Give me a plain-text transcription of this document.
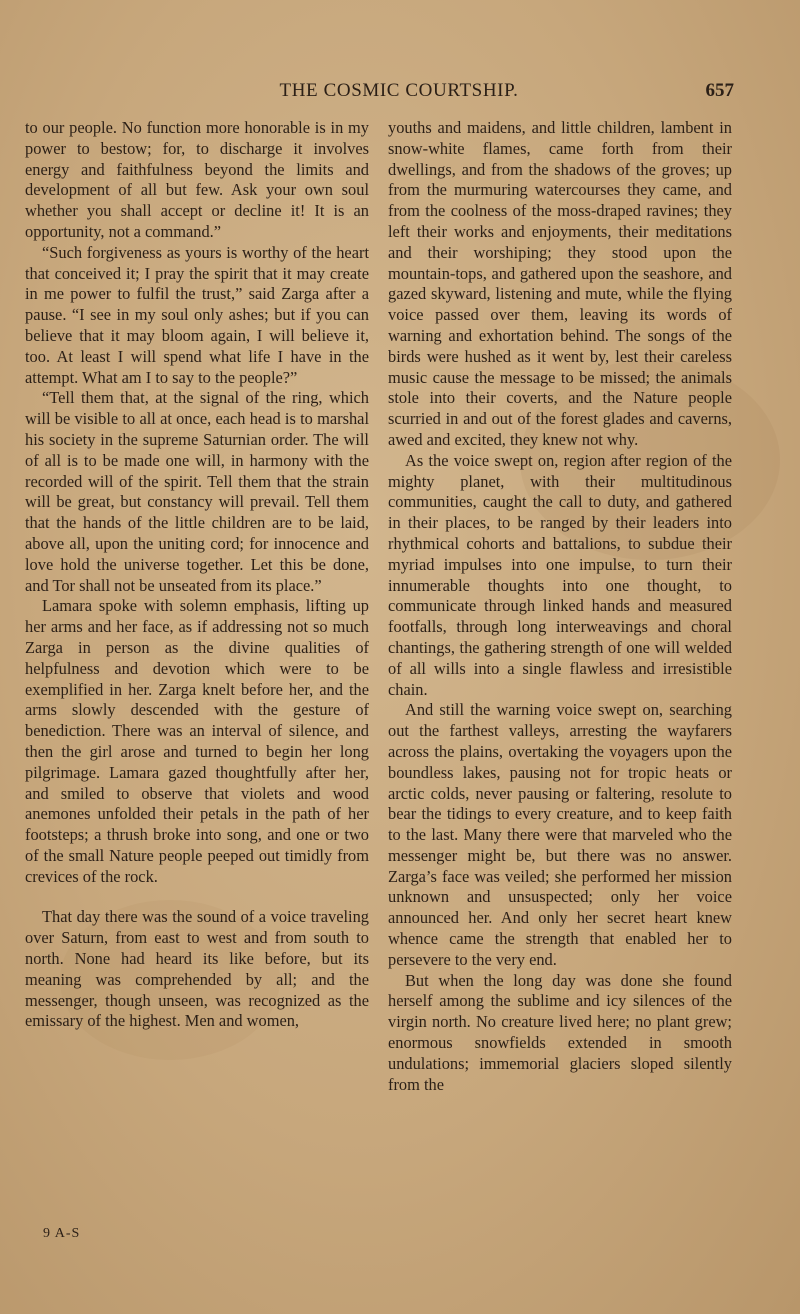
THE COSMIC COURTSHIP.	657

to our people. No function more honorable is in my power to bestow; for, to discharge it involves energy and faithfulness beyond the limits and development of all but few. Ask your own soul whether you shall accept or decline it! It is an opportunity, not a command.”

“Such forgiveness as yours is worthy of the heart that conceived it; I pray the spirit that it may create in me power to fulfil the trust,” said Zarga after a pause. “I see in my soul only ashes; but if you can believe that it may bloom again, I will believe it, too. At least I will spend what life I have in the attempt. What am I to say to the people?”

“Tell them that, at the signal of the ring, which will be visible to all at once, each head is to marshal his society in the supreme Saturnian order. The will of all is to be made one will, in harmony with the recorded will of the spirit. Tell them that the strain will be great, but constancy will prevail. Tell them that the hands of the little children are to be laid, above all, upon the uniting cord; for innocence and love hold the universe together. Let this be done, and Tor shall not be unseated from its place.”

Lamara spoke with solemn emphasis, lifting up her arms and her face, as if addressing not so much Zarga in person as the divine qualities of helpfulness and devotion which were to be exemplified in her. Zarga knelt before her, and the arms slowly descended with the gesture of benediction. There was an interval of silence, and then the girl arose and turned to begin her long pilgrimage. Lamara gazed thoughtfully after her, and smiled to observe that violets and wood anemones unfolded their petals in the path of her footsteps; a thrush broke into song, and one or two of the small Nature people peeped out timidly from crevices of the rock.

That day there was the sound of a voice traveling over Saturn, from east to west and from south to north. None had heard its like before, but its meaning was comprehended by all; and the messenger, though unseen, was recognized as the emissary of the highest. Men and women,

youths and maidens, and little children, lambent in snow-white flames, came forth from their dwellings, and from the shadows of the groves; up from the murmuring watercourses they came, and from the coolness of the moss-draped ravines; they left their works and enjoyments, their meditations and their worshiping; they stood upon the mountain-tops, and gathered upon the seashore, and gazed skyward, listening and mute, while the flying voice passed over them, leaving its words of warning and exhortation behind. The songs of the birds were hushed as it went by, lest their careless music cause the message to be missed; the animals stole into their coverts, and the Nature people scurried in and out of the forest glades and caverns, awed and excited, they knew not why.

As the voice swept on, region after region of the mighty planet, with their multitudinous communities, caught the call to duty, and gathered in their places, to be ranged by their leaders into rhythmical cohorts and battalions, to subdue their myriad impulses into one impulse, to turn their innumerable thoughts into one thought, to communicate through linked hands and measured footfalls, through long interweavings and choral chantings, the gathering strength of one will welded of all wills into a single flawless and irresistible chain.

And still the warning voice swept on, searching out the farthest valleys, arresting the wayfarers across the plains, overtaking the voyagers upon the boundless lakes, pausing not for tropic heats or arctic colds, never pausing or faltering, resolute to bear the tidings to every creature, and to keep faith to the last. Many there were that marveled who the messenger might be, but there was no answer. Zarga’s face was veiled; she performed her mission unknown and unsuspected; only her voice announced her. And only her secret heart knew whence came the strength that enabled her to persevere to the very end.

But when the long day was done she found herself among the sublime and icy silences of the virgin north. No creature lived here; no plant grew; enormous snowfields extended in smooth undulations; immemorial glaciers sloped silently from the

9 A-S
